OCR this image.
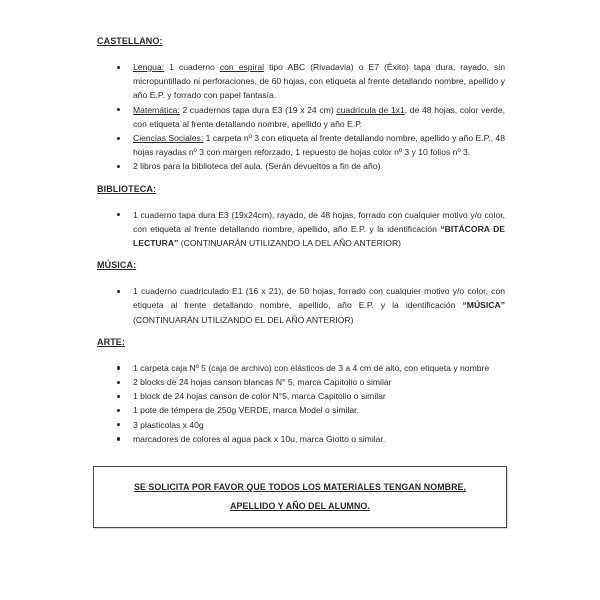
CASTELLANO:
Lengua: 1 cuaderno con espiral tipo ABC (Rivadavia) o E7 (Éxito) tapa dura, rayado, sin micropuntillado ni perforaciones, de 60 hojas, con etiqueta al frente detallando nombre, apellido y año E.P. y forrado con papel fantasía.
Matemática: 2 cuadernos tapa dura E3 (19 x 24 cm) cuadrícula de 1x1, de 48 hojas, color verde, con etiqueta al frente detallando nombre, apellido y año E.P.
Ciencias Sociales: 1 carpeta nº 3 con etiqueta al frente detallando nombre, apellido y año E.P., 48 hojas rayadas nº 3 con margen reforzado, 1 repuesto de hojas color nº 3 y 10 folios nº 3.
2 libros para la biblioteca del aula. (Serán devueltos a fin de año)
BIBLIOTECA:
1 cuaderno tapa dura E3 (19x24cm), rayado, de 48 hojas, forrado con cualquier motivo y/o color, con etiqueta al frente detallando nombre, apellido, año E.P. y la identificación “BITÁCORA DE LECTURA” (CONTINUARÁN UTILIZANDO LA DEL AÑO ANTERIOR)
MÚSICA:
1 cuaderno cuadriculado E1 (16 x 21), de 50 hojas, forrado con cualquier motivo y/o color, con etiqueta al frente detallando nombre, apellido, año E.P. y la identificación “MÚSICA” (CONTINUARÁN UTILIZANDO EL DEL AÑO ANTERIOR)
ARTE:
1 carpeta caja Nº 5 (caja de archivo) con elásticos de 3 a 4 cm de alto, con etiqueta y nombre
2 blocks de 24 hojas canson blancas N° 5, marca Capitolio o similar
1 block de 24 hojas canson de color N°5, marca Capitolio o similar
1 pote de témpera de 250g VERDE, marca Model o similar.
3 plasticolas x 40g
marcadores de colores al agua pack x 10u, marca Giotto o similar.
SE SOLICITA POR FAVOR QUE TODOS LOS MATERIALES TENGAN NOMBRE, APELLIDO Y AÑO DEL ALUMNO.
